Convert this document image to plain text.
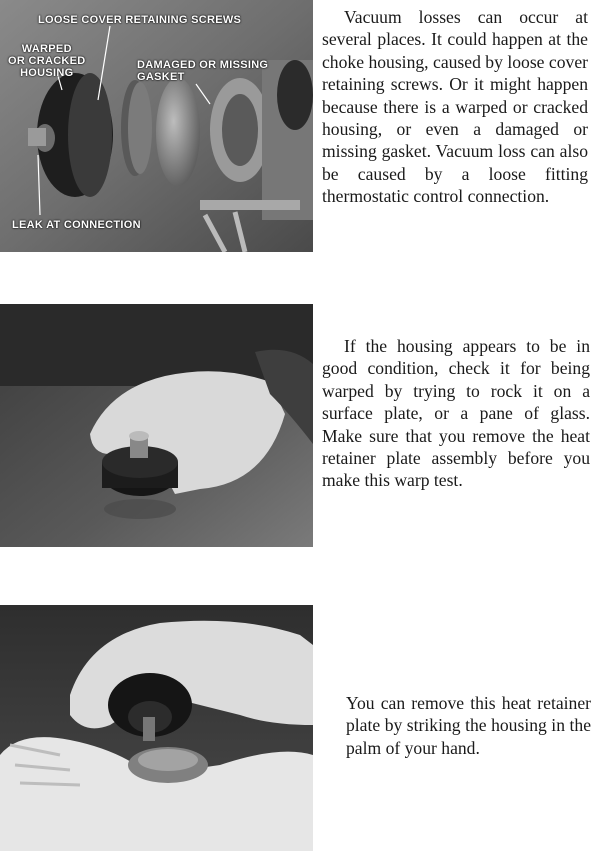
LOOSE COVER RETAINING SCREWS
WARPED
OR CRACKED
HOUSING
DAMAGED OR MISSING
GASKET
LEAK AT CONNECTION

Vacuum losses can occur at several places. It could happen at the choke housing, caused by loose cover retaining screws. Or it might happen because there is a warped or cracked housing, or even a damaged or missing gasket. Vacuum loss can also be caused by a loose fitting thermostatic control connection.

If the housing appears to be in good condition, check it for being warped by trying to rock it on a surface plate, or a pane of glass. Make sure that you remove the heat retainer plate assembly before you make this warp test.

You can remove this heat retainer plate by striking the housing in the palm of your hand.
